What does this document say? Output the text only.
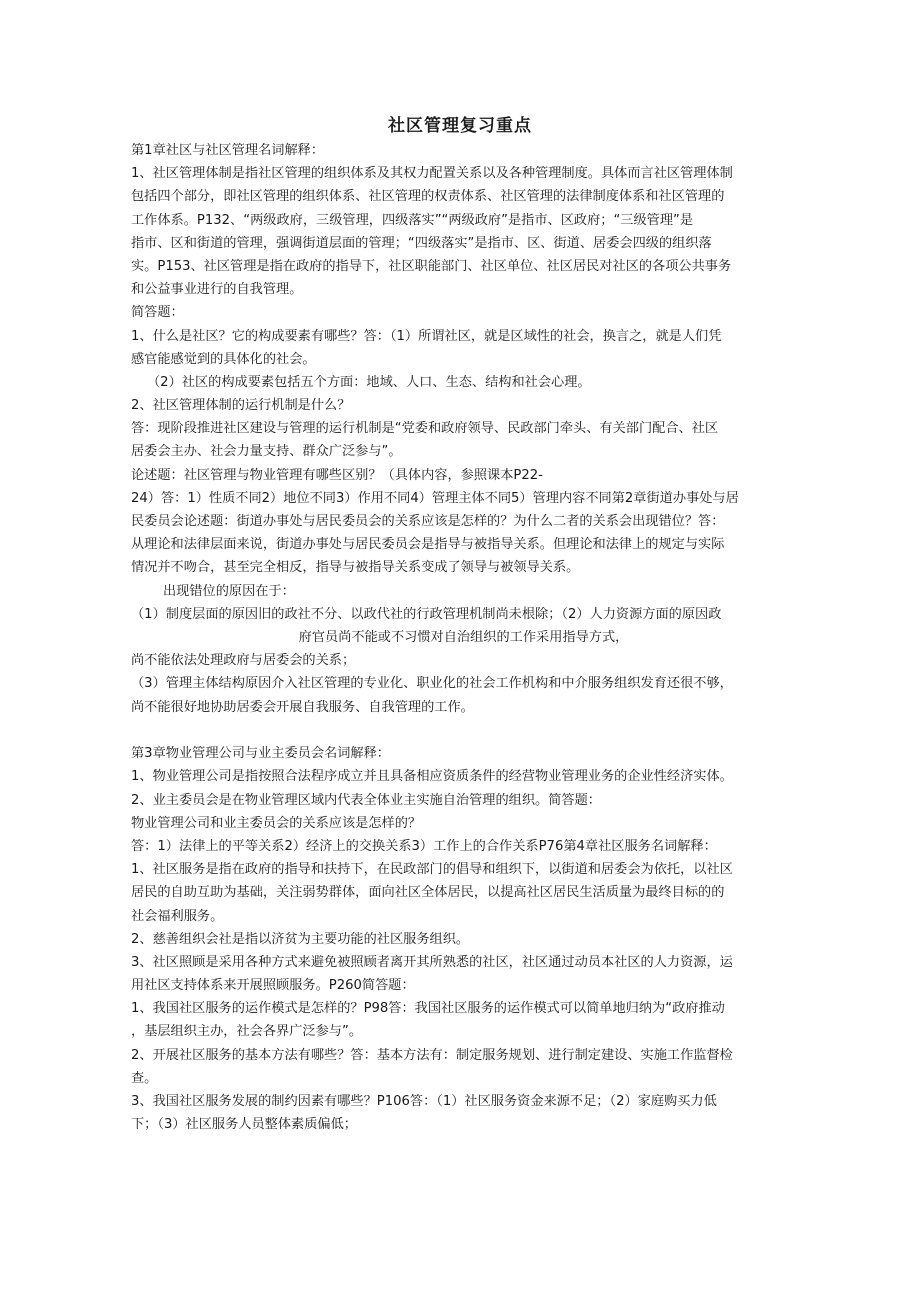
社区管理复习重点
第1章社区与社区管理名词解释：
1、社区管理体制是指社区管理的组织体系及其权力配置关系以及各种管理制度。具体而言社区管理体制
包括四个部分，即社区管理的组织体系、社区管理的权责体系、社区管理的法律制度体系和社区管理的
工作体系。P132、“两级政府，三级管理，四级落实”“两级政府”是指市、区政府；“三级管理”是
指市、区和街道的管理，强调街道层面的管理；“四级落实”是指市、区、街道、居委会四级的组织落
实。P153、社区管理是指在政府的指导下，社区职能部门、社区单位、社区居民对社区的各项公共事务
和公益事业进行的自我管理。
简答题：
1、什么是社区？它的构成要素有哪些？答：（1）所谓社区，就是区域性的社会，换言之，就是人们凭
感官能感觉到的具体化的社会。
（2）社区的构成要素包括五个方面：地域、人口、生态、结构和社会心理。
2、社区管理体制的运行机制是什么？
答：现阶段推进社区建设与管理的运行机制是“党委和政府领导、民政部门牵头、有关部门配合、社区
居委会主办、社会力量支持、群众广泛参与”。
论述题：社区管理与物业管理有哪些区别？（具体内容，参照课本P22-
24）答：1）性质不同2）地位不同3）作用不同4）管理主体不同5）管理内容不同第2章街道办事处与居
民委员会论述题：街道办事处与居民委员会的关系应该是怎样的？为什么二者的关系会出现错位？答：
从理论和法律层面来说，街道办事处与居民委员会是指导与被指导关系。但理论和法律上的规定与实际
情况并不吻合，甚至完全相反，指导与被指导关系变成了领导与被领导关系。
出现错位的原因在于：
（1）制度层面的原因旧的政社不分、以政代社的行政管理机制尚未根除；（2）人力资源方面的原因政
府官员尚不能或不习惯对自治组织的工作采用指导方式，
尚不能依法处理政府与居委会的关系；
（3）管理主体结构原因介入社区管理的专业化、职业化的社会工作机构和中介服务组织发育还很不够，
尚不能很好地协助居委会开展自我服务、自我管理的工作。
第3章物业管理公司与业主委员会名词解释：
1、物业管理公司是指按照合法程序成立并且具备相应资质条件的经营物业管理业务的企业性经济实体。
2、业主委员会是在物业管理区域内代表全体业主实施自治管理的组织。简答题：
物业管理公司和业主委员会的关系应该是怎样的？
答：1）法律上的平等关系2）经济上的交换关系3）工作上的合作关系P76第4章社区服务名词解释：
1、社区服务是指在政府的指导和扶持下，在民政部门的倡导和组织下，以街道和居委会为依托，以社区
居民的自助互助为基础，关注弱势群体，面向社区全体居民，以提高社区居民生活质量为最终目标的的
社会福利服务。
2、慈善组织会社是指以济贫为主要功能的社区服务组织。
3、社区照顾是采用各种方式来避免被照顾者离开其所熟悉的社区，社区通过动员本社区的人力资源，运
用社区支持体系来开展照顾服务。P260简答题：
1、我国社区服务的运作模式是怎样的？P98答：我国社区服务的运作模式可以简单地归纳为“政府推动
，基层组织主办，社会各界广泛参与”。
2、开展社区服务的基本方法有哪些？答：基本方法有：制定服务规划、进行制定建设、实施工作监督检
查。
3、我国社区服务发展的制约因素有哪些？P106答：（1）社区服务资金来源不足；（2）家庭购买力低
下；（3）社区服务人员整体素质偏低；
